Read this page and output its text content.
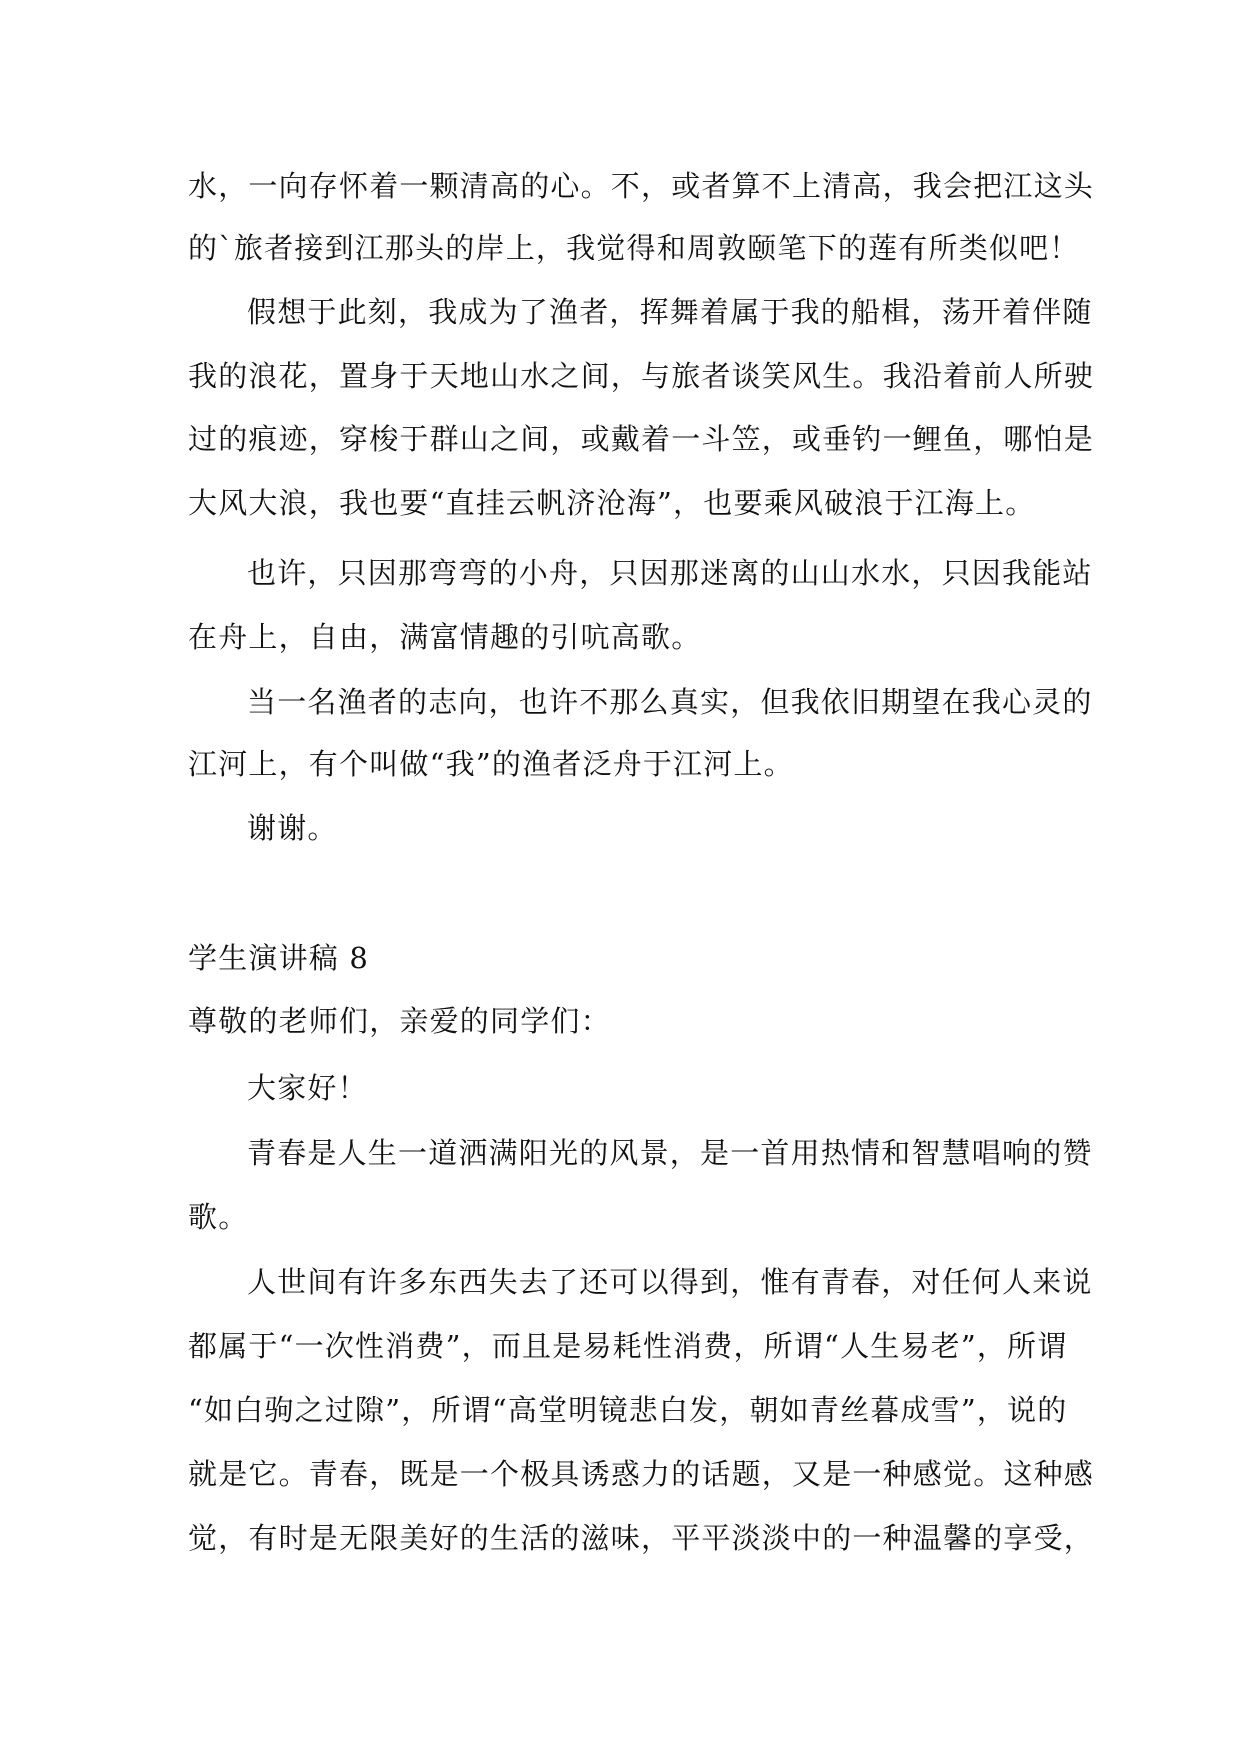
水，一向存怀着一颗清高的心。不，或者算不上清高，我会把江这头
的`旅者接到江那头的岸上，我觉得和周敦颐笔下的莲有所类似吧！
假想于此刻，我成为了渔者，挥舞着属于我的船楫，荡开着伴随
我的浪花，置身于天地山水之间，与旅者谈笑风生。我沿着前人所驶
过的痕迹，穿梭于群山之间，或戴着一斗笠，或垂钓一鲤鱼，哪怕是
大风大浪，我也要“直挂云帆济沧海”，也要乘风破浪于江海上。
也许，只因那弯弯的小舟，只因那迷离的山山水水，只因我能站
在舟上，自由，满富情趣的引吭高歌。
当一名渔者的志向，也许不那么真实，但我依旧期望在我心灵的
江河上，有个叫做“我”的渔者泛舟于江河上。
谢谢。
学生演讲稿 8
尊敬的老师们，亲爱的同学们：
大家好！
青春是人生一道洒满阳光的风景，是一首用热情和智慧唱响的赞
歌。
人世间有许多东西失去了还可以得到，惟有青春，对任何人来说
都属于“一次性消费”，而且是易耗性消费，所谓“人生易老”，所谓
“如白驹之过隙”，所谓“高堂明镜悲白发，朝如青丝暮成雪”，说的
就是它。青春，既是一个极具诱惑力的话题，又是一种感觉。这种感
觉，有时是无限美好的生活的滋味，平平淡淡中的一种温馨的享受，
